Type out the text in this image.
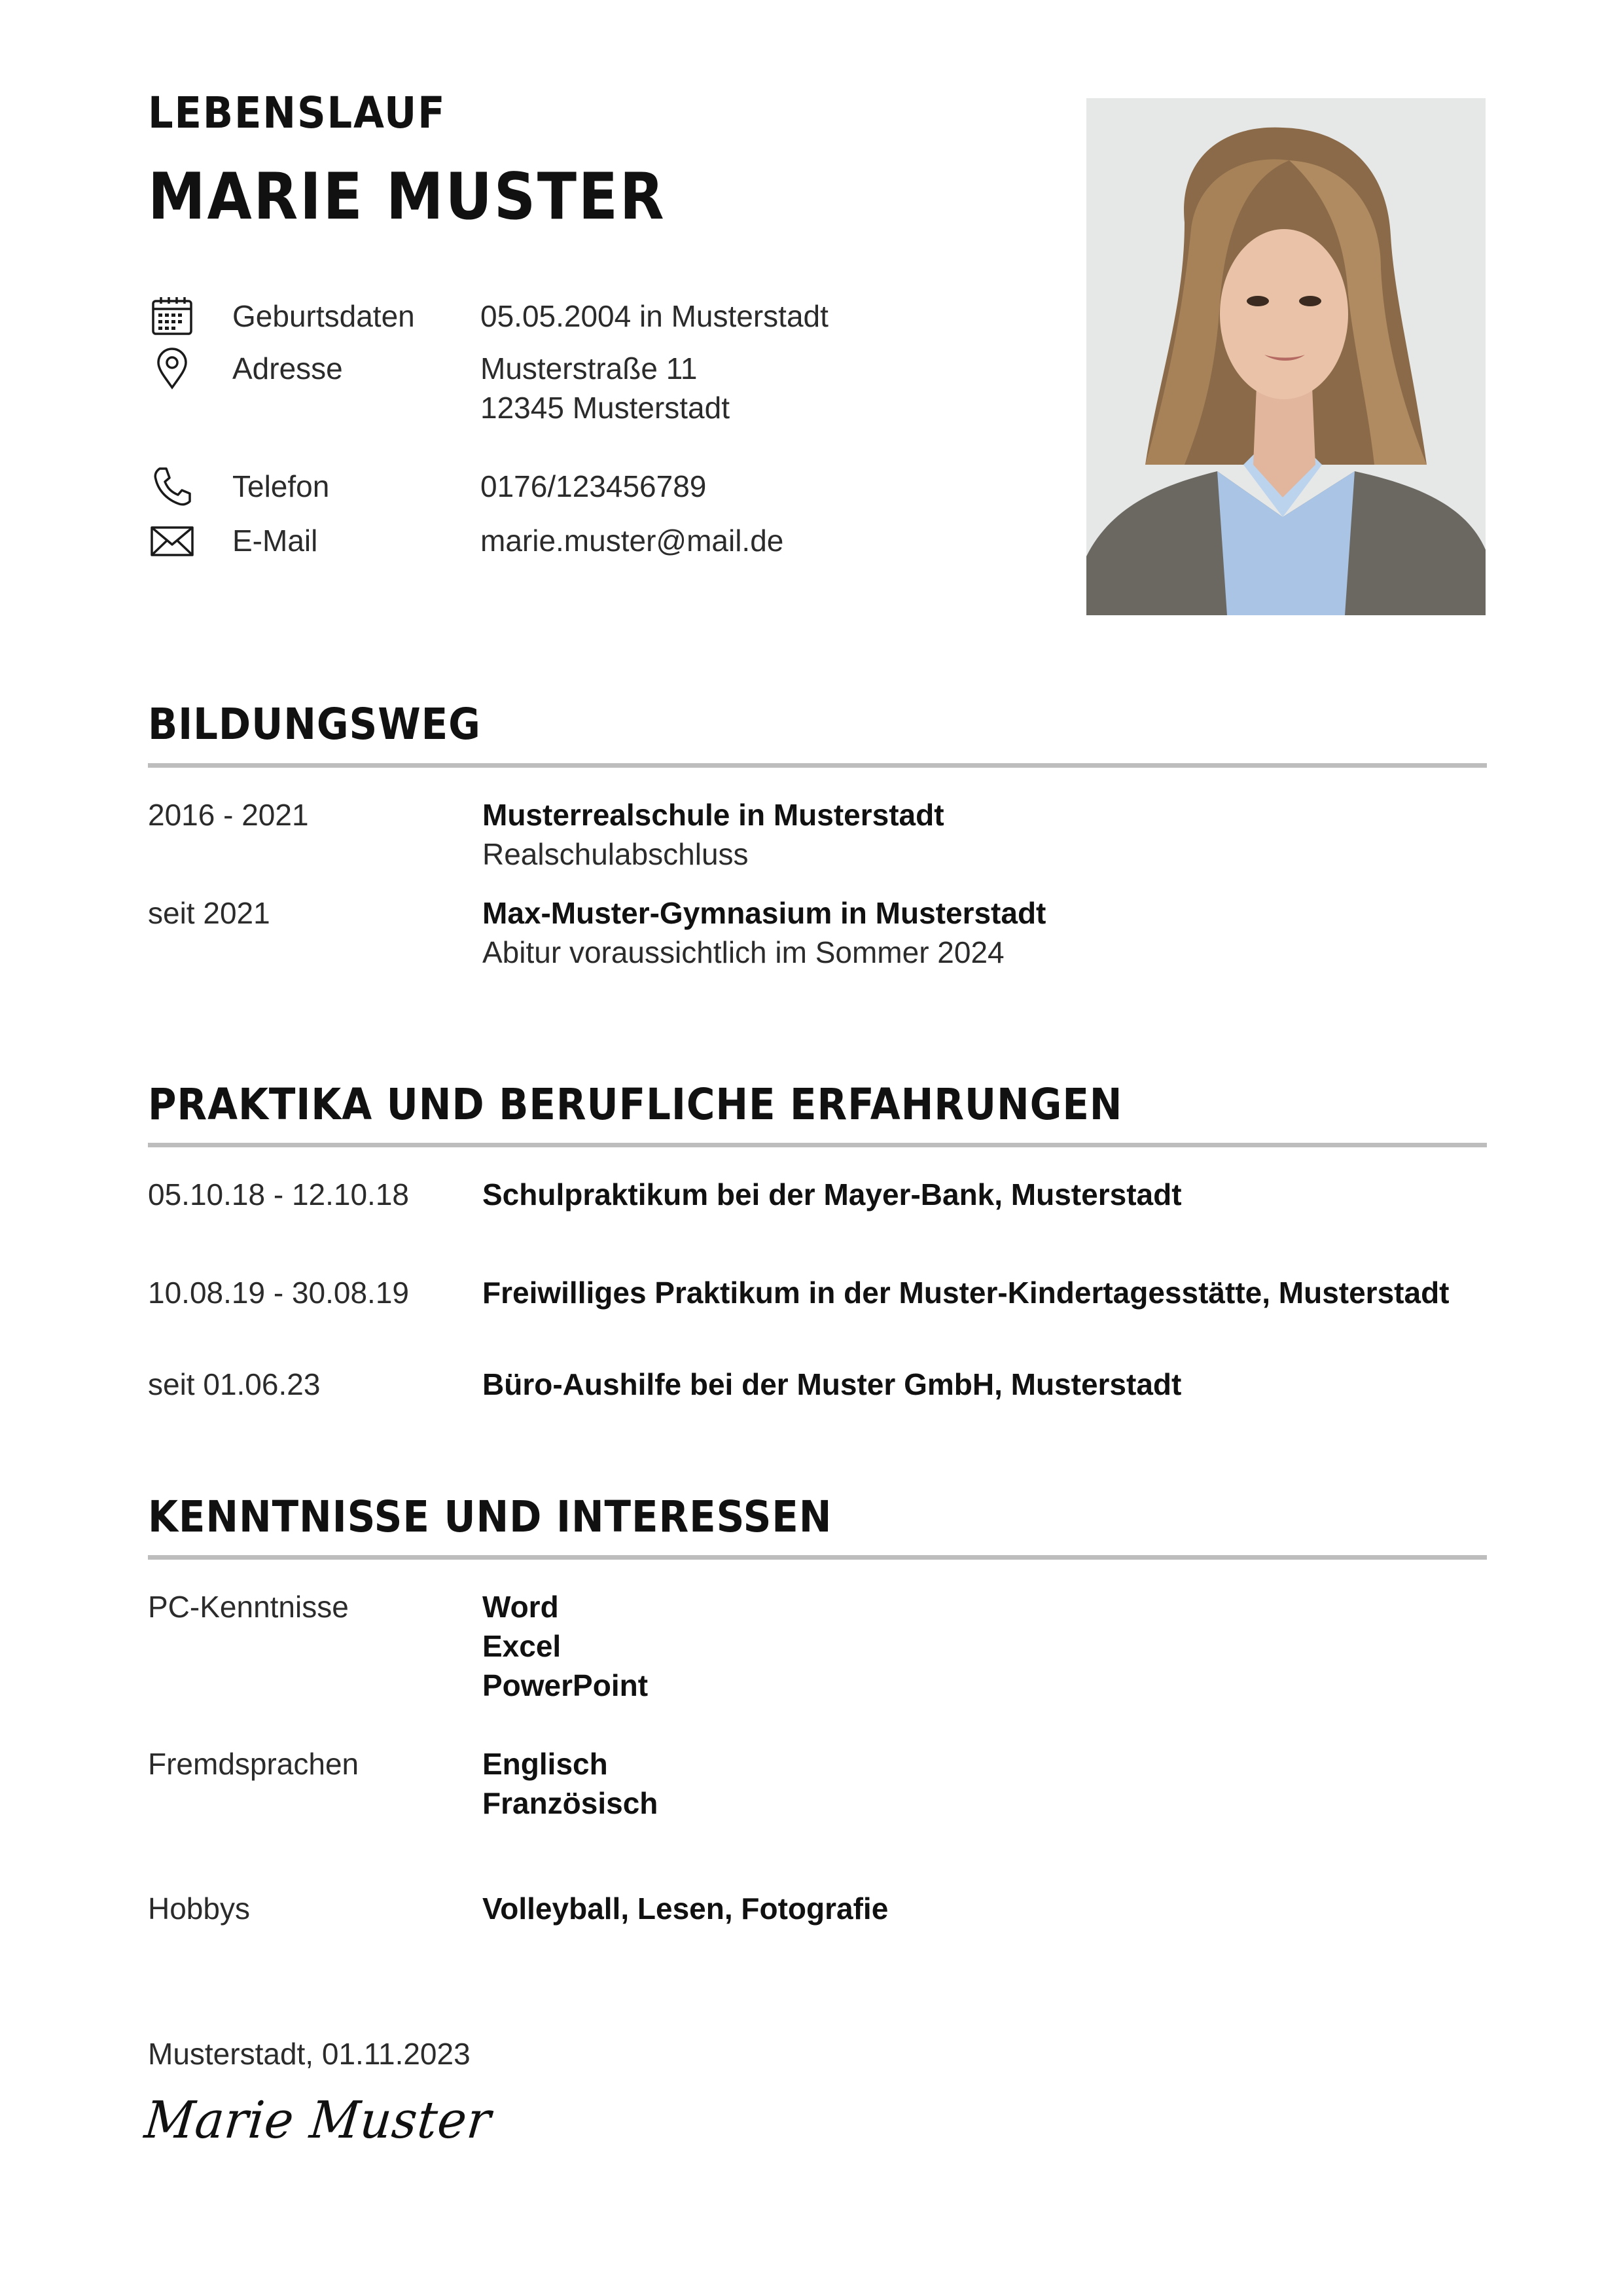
LEBENSLAUF
MARIE MUSTER
Geburtsdaten 05.05.2004 in Musterstadt
Adresse	Musterstraße 11
12345 Musterstadt
Telefon	0176/123456789
E-Mail	marie.muster@mail.de
BILDUNGSWEG
2016 - 2021	Musterrealschule in Musterstadt
Realschulabschluss
seit 2021	Max-Muster-Gymnasium in Musterstadt
Abitur voraussichtlich im Sommer 2024
PRAKTIKA UND BERUFLICHE ERFAHRUNGEN
05.10.18 - 12.10.18 Schulpraktikum bei der Mayer-Bank, Musterstadt
10.08.19 - 30.08.19 Freiwilliges Praktikum in der Muster-Kindertagesstätte, Musterstadt
seit 01.06.23	Büro-Aushilfe bei der Muster GmbH, Musterstadt
KENNTNISSE UND INTERESSEN
PC-Kenntnisse	Word
Excel
PowerPoint
Fremdsprachen	Englisch
Französisch
Hobbys	Volleyball, Lesen, Fotografie
Musterstadt, 01.11.2023
Marie Muster
